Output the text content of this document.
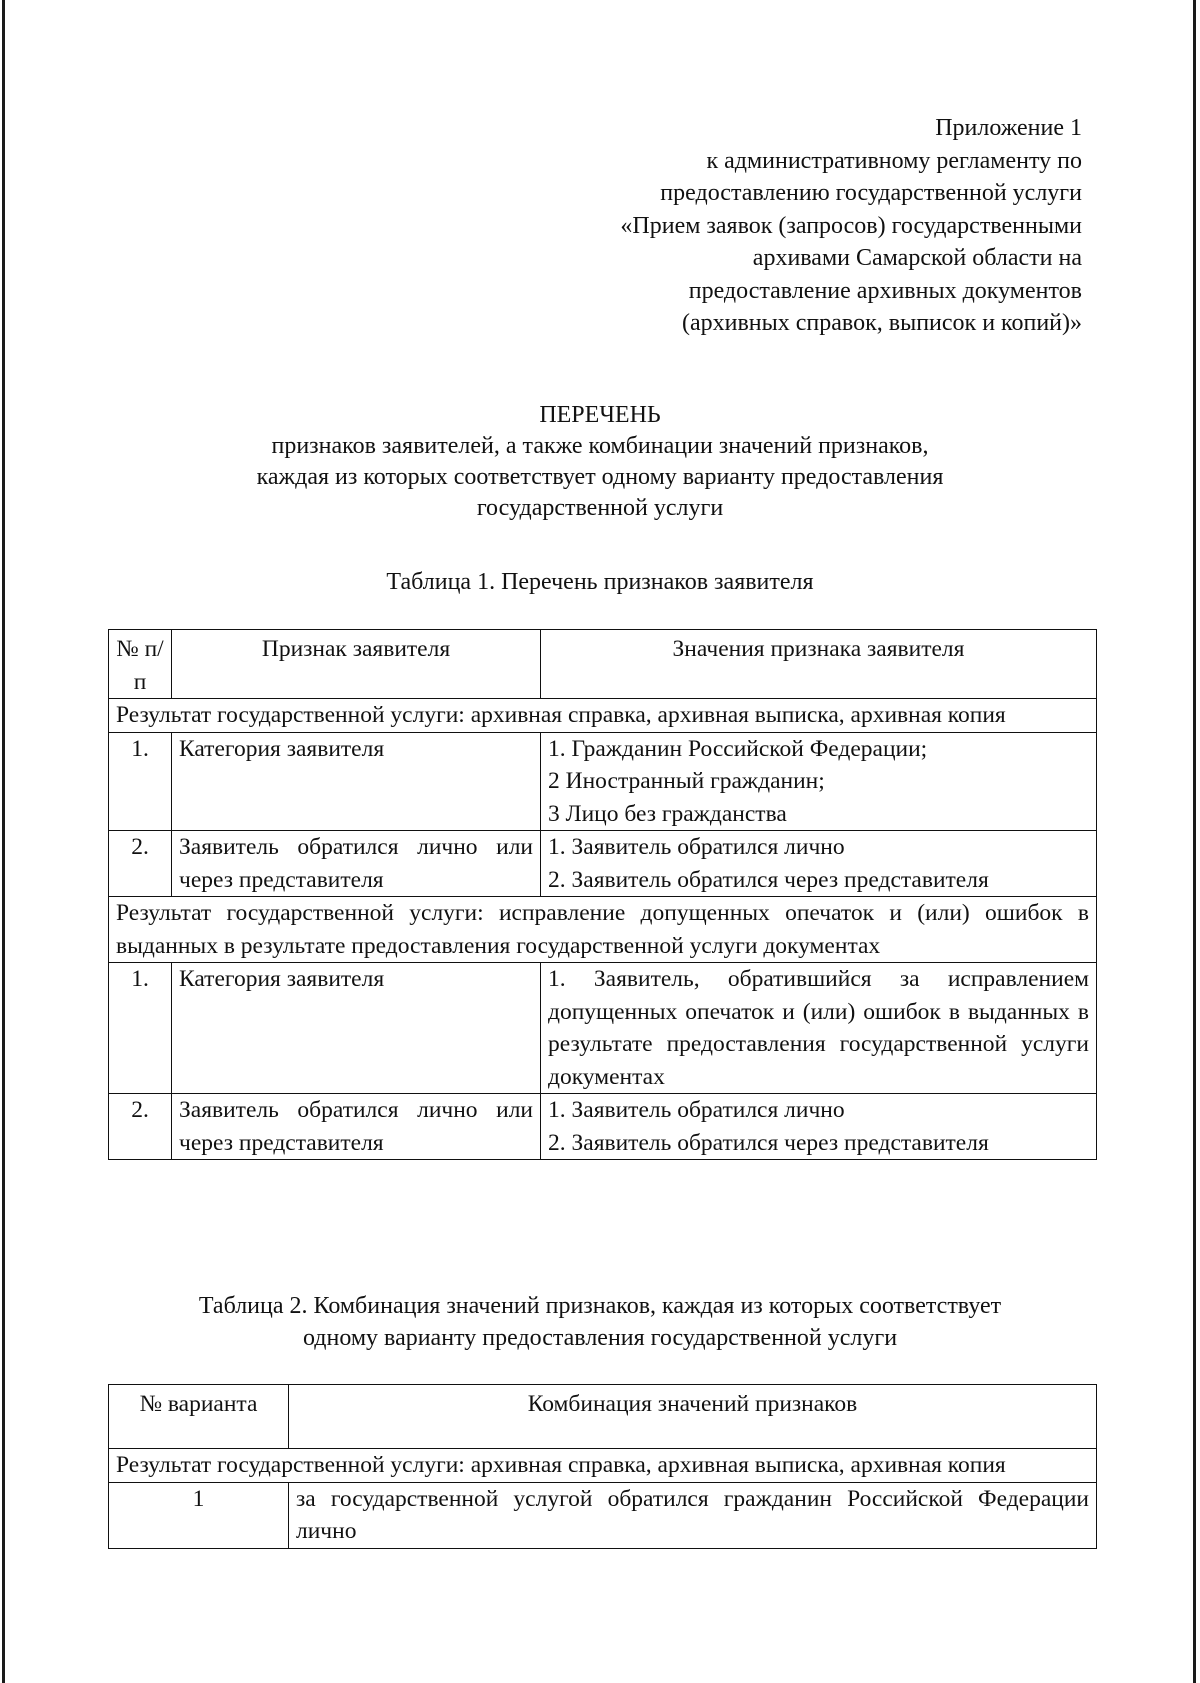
Приложение 1
к административному регламенту по
предоставлению государственной услуги
«Прием заявок (запросов) государственными
архивами Самарской области на
предоставление архивных документов
(архивных справок, выписок и копий)»
ПЕРЕЧЕНЬ
признаков заявителей, а также комбинации значений признаков,
каждая из которых соответствует одному варианту предоставления
государственной услуги
Таблица 1. Перечень признаков заявителя
№ п/п	Признак заявителя	Значения признака заявителя
Результат государственной услуги: архивная справка, архивная выписка, архивная копия		
1.	Категория заявителя	1. Гражданин Российской Федерации;
2 Иностранный гражданин;
3 Лицо без гражданства

2.	Заявитель обратился лично или через представителя	1. Заявитель обратился лично
2. Заявитель обратился через представителя

Результат государственной услуги: исправление допущенных опечаток и (или) ошибок в выданных в результате предоставления государственной услуги документах		
1.	Категория заявителя	1. Заявитель, обратившийся за исправлением допущенных опечаток и (или) ошибок в выданных в результате предоставления государственной услуги документах
2.	Заявитель обратился лично или через представителя	1. Заявитель обратился лично
2. Заявитель обратился через представителя
Таблица 2. Комбинация значений признаков, каждая из которых соответствует
одному варианту предоставления государственной услуги
№ варианта	Комбинация значений признаков
Результат государственной услуги: архивная справка, архивная выписка, архивная копия	
1	за государственной услугой обратился гражданин Российской Федерации лично
